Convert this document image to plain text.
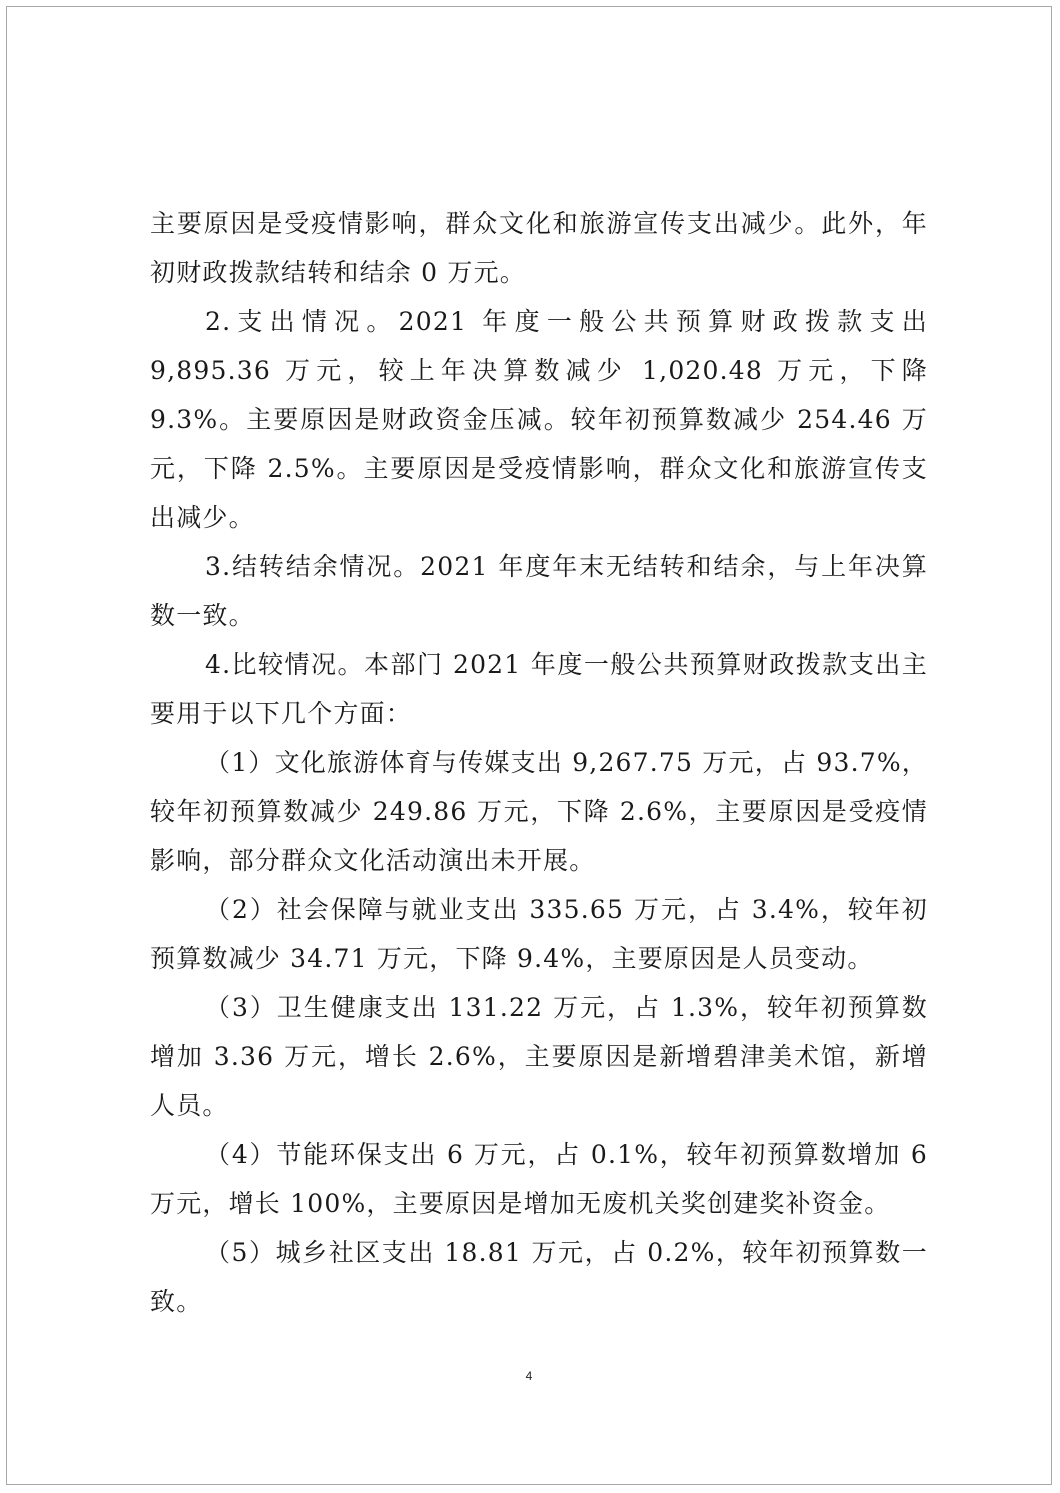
主要原因是受疫情影响，群众文化和旅游宣传支出减少。此外，年初财政拨款结转和结余 0 万元。

2.支出情况。2021 年度一般公共预算财政拨款支出 9,895.36 万元，较上年决算数减少 1,020.48 万元，下降 9.3%。主要原因是财政资金压减。较年初预算数减少 254.46 万元，下降 2.5%。主要原因是受疫情影响，群众文化和旅游宣传支出减少。

3.结转结余情况。2021 年度年末无结转和结余，与上年决算数一致。

4.比较情况。本部门 2021 年度一般公共预算财政拨款支出主要用于以下几个方面：

（1）文化旅游体育与传媒支出 9,267.75 万元，占 93.7%，较年初预算数减少 249.86 万元，下降 2.6%，主要原因是受疫情影响，部分群众文化活动演出未开展。

（2）社会保障与就业支出 335.65 万元，占 3.4%，较年初预算数减少 34.71 万元，下降 9.4%，主要原因是人员变动。

（3）卫生健康支出 131.22 万元，占 1.3%，较年初预算数增加 3.36 万元，增长 2.6%，主要原因是新增碧津美术馆，新增人员。

（4）节能环保支出 6 万元，占 0.1%，较年初预算数增加 6 万元，增长 100%，主要原因是增加无废机关奖创建奖补资金。

（5）城乡社区支出 18.81 万元，占 0.2%，较年初预算数一致。

4
